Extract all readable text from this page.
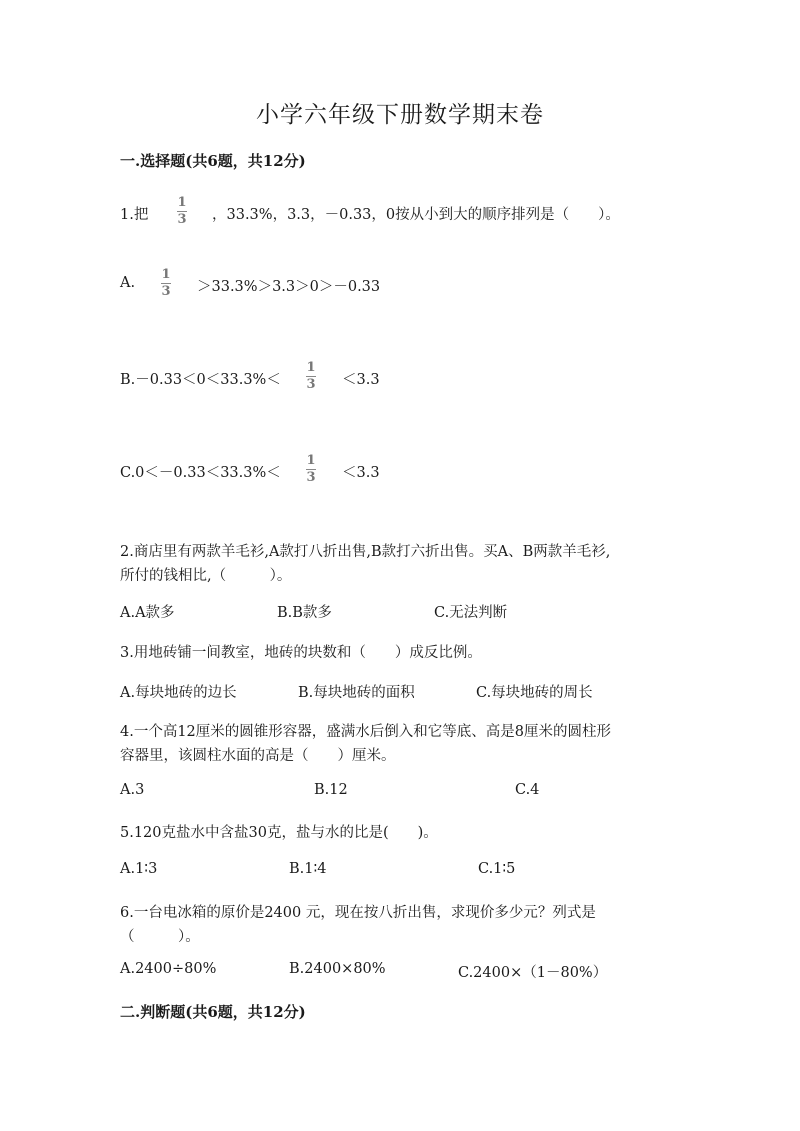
小学六年级下册数学期末卷
一.选择题(共6题，共12分)
1.把
1
3 ，33.3%，3.3，－0.33，0按从小到大的顺序排列是（　　）。
A.
1
3 ＞33.3%＞3.3＞0＞－0.33
B.－0.33＜0＜33.3%＜
1
3 ＜3.3
C.0＜－0.33＜33.3%＜
1
3 ＜3.3
2.商店里有两款羊毛衫,A款打八折出售,B款打六折出售。买A、B两款羊毛衫,
所付的钱相比,（　　　）。
A.A款多	B.B款多	C.无法判断
3.用地砖铺一间教室，地砖的块数和（　　）成反比例。
A.每块地砖的边长	B.每块地砖的面积	C.每块地砖的周长
4.一个高12厘米的圆锥形容器，盛满水后倒入和它等底、高是8厘米的圆柱形
容器里，该圆柱水面的高是（　　）厘米。
A.3	B.12	C.4
5.120克盐水中含盐30克，盐与水的比是(　　)。
A.1∶3	B.1∶4	C.1∶5
6.一台电冰箱的原价是2400 元，现在按八折出售，求现价多少元？列式是
（　　　）。
A.2400÷80%	B.2400×80%	C.2400×（1－80%）
二.判断题(共6题，共12分)
